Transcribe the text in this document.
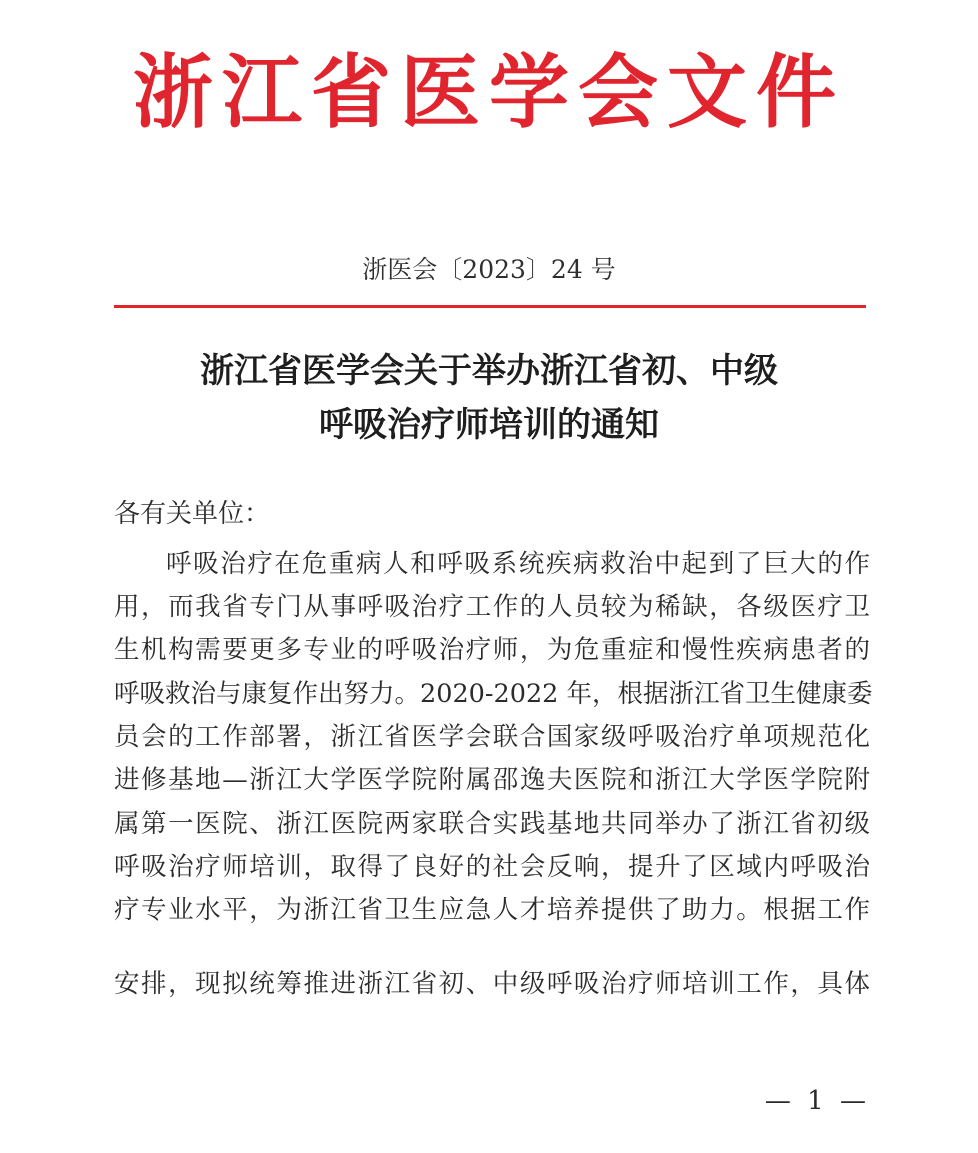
浙江省医学会文件
浙医会〔2023〕24 号
浙江省医学会关于举办浙江省初、中级
呼吸治疗师培训的通知
各有关单位：
呼吸治疗在危重病人和呼吸系统疾病救治中起到了巨大的作
用，而我省专门从事呼吸治疗工作的人员较为稀缺，各级医疗卫
生机构需要更多专业的呼吸治疗师，为危重症和慢性疾病患者的
呼吸救治与康复作出努力。2020-2022 年，根据浙江省卫生健康委
员会的工作部署，浙江省医学会联合国家级呼吸治疗单项规范化
进修基地—浙江大学医学院附属邵逸夫医院和浙江大学医学院附
属第一医院、浙江医院两家联合实践基地共同举办了浙江省初级
呼吸治疗师培训，取得了良好的社会反响，提升了区域内呼吸治
疗专业水平，为浙江省卫生应急人才培养提供了助力。根据工作
安排，现拟统筹推进浙江省初、中级呼吸治疗师培训工作，具体
— 1 —
